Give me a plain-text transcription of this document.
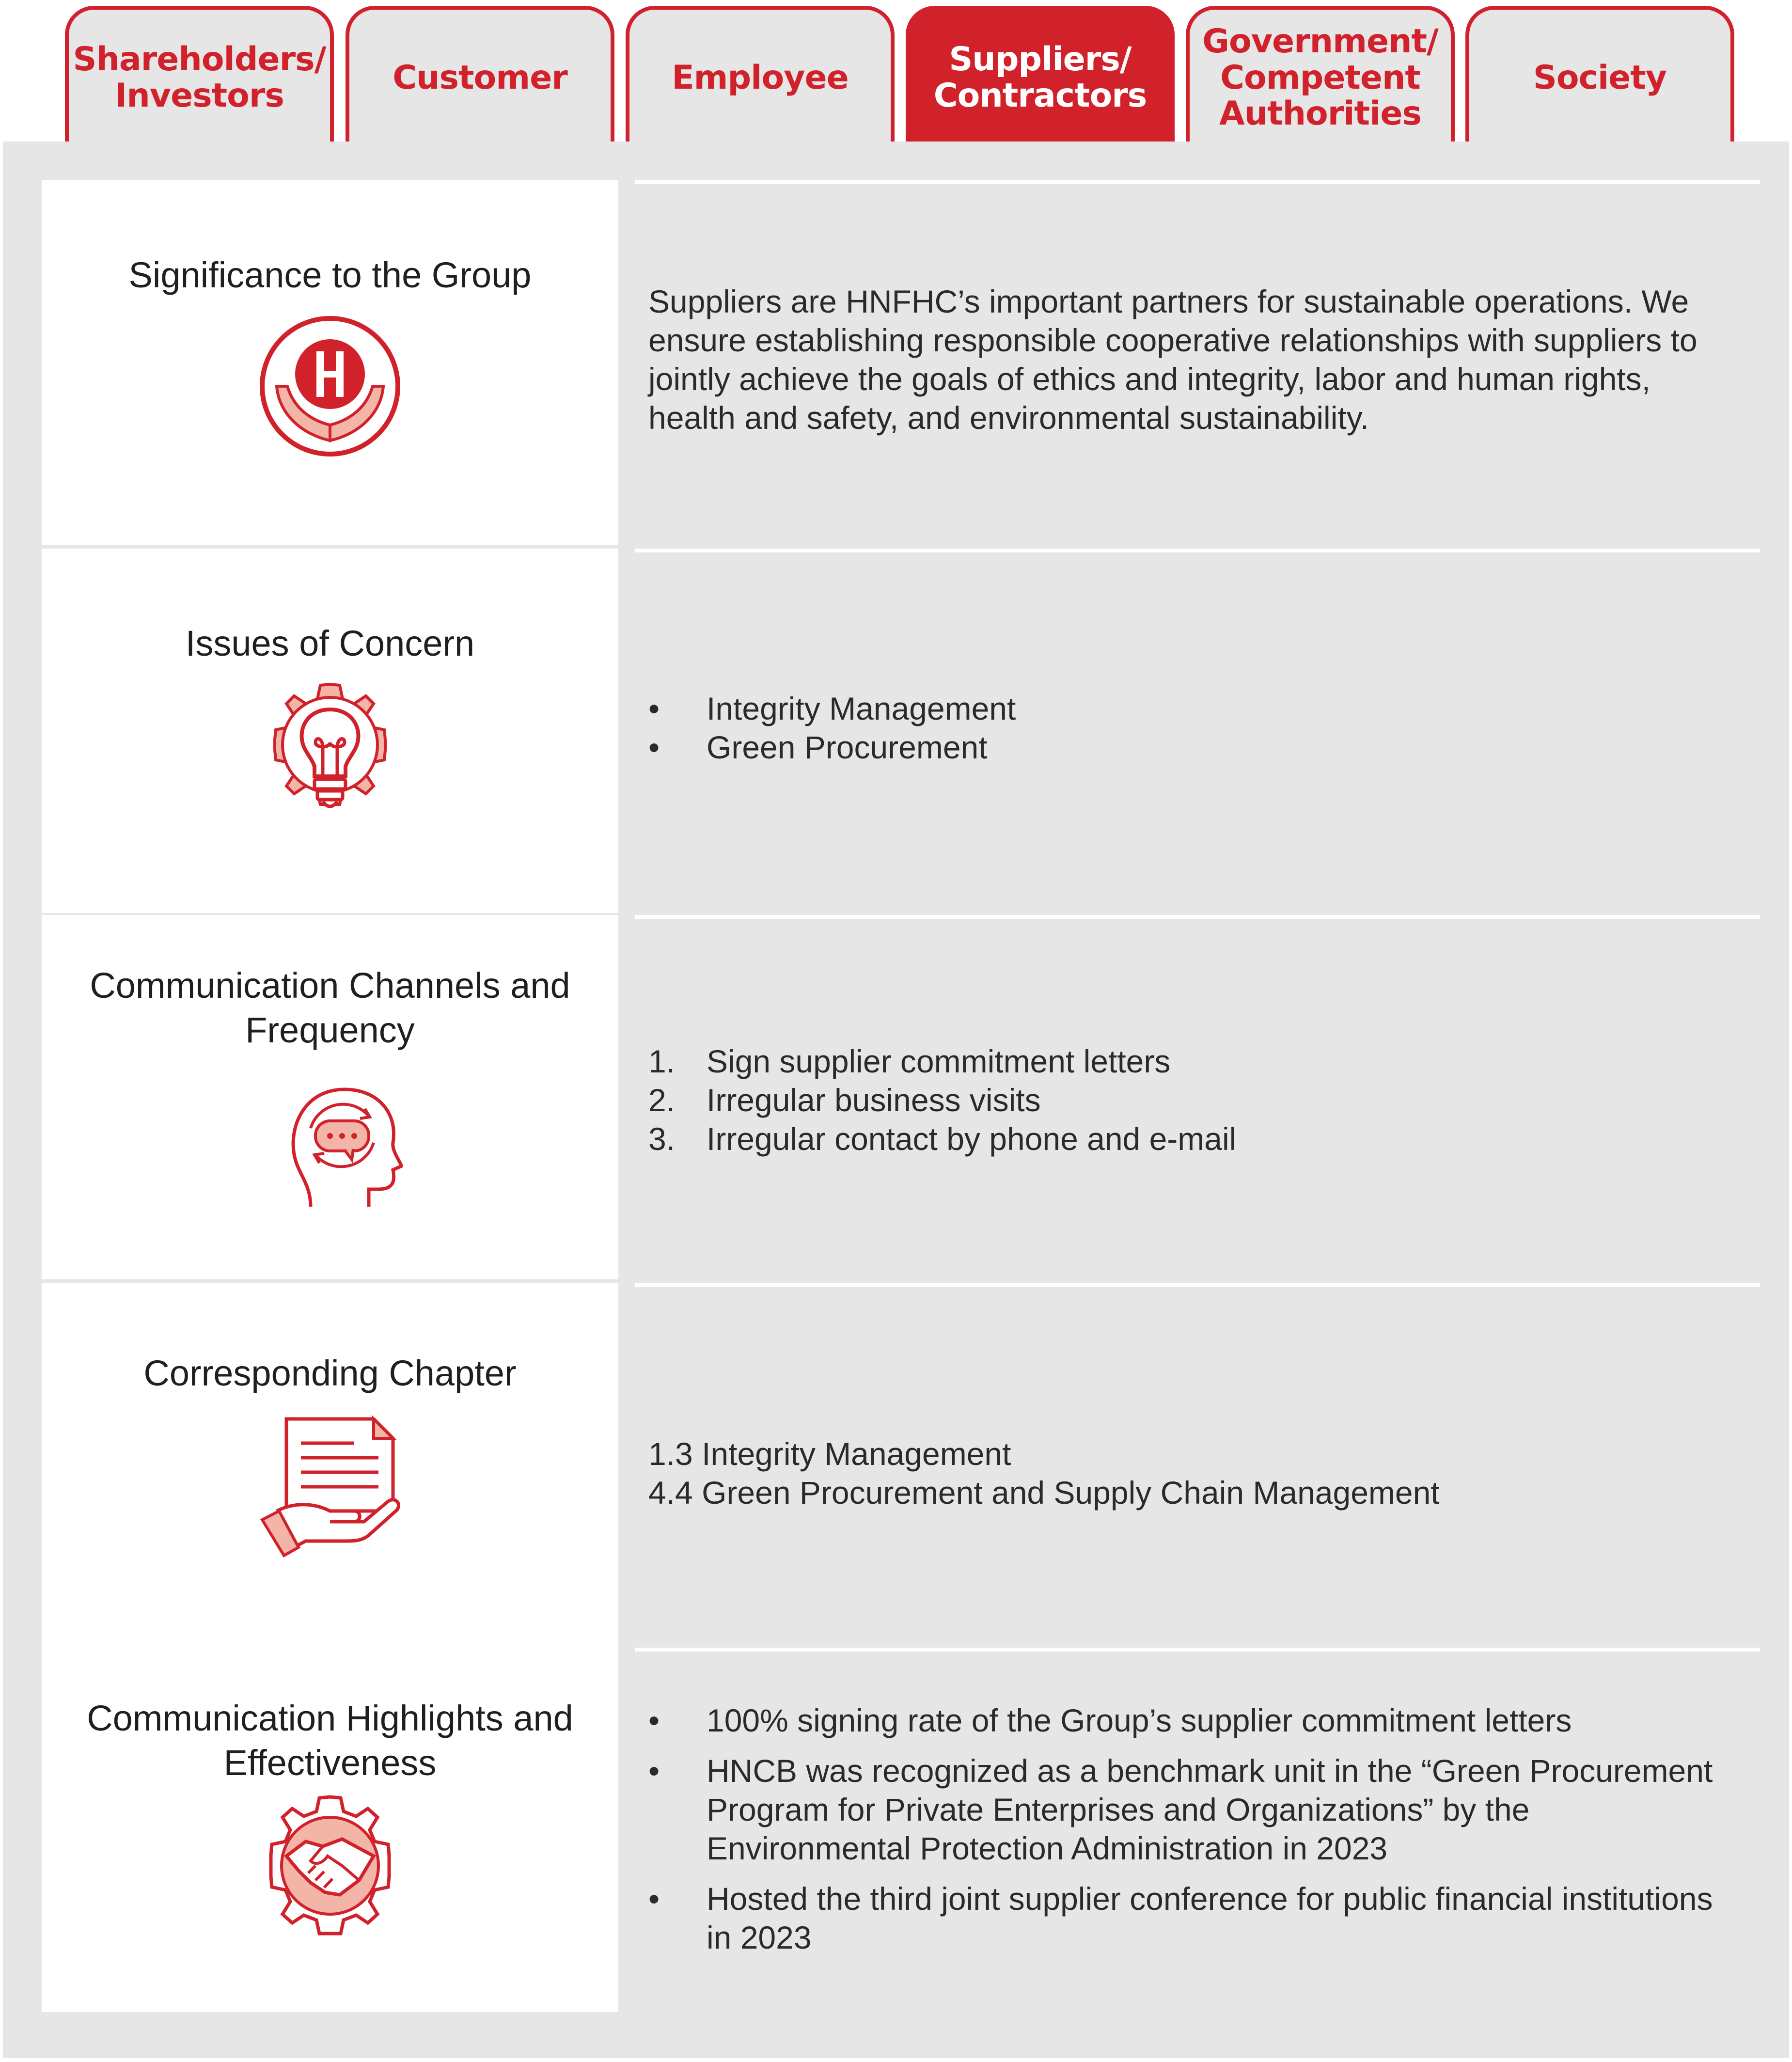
Shareholders/
Investors	Customer	Employee	Suppliers/
Contractors
Government/
Competent
Authorities
Society
Significance to the Group
Suppliers are HNFHC’s important partners for sustainable operations. We ensure establishing responsible cooperative relationships with suppliers to jointly achieve the goals of ethics and integrity, labor and human rights, health and safety, and environmental sustainability.
Issues of Concern
•	Integrity Management
•	Green Procurement
Communication Channels and
Frequency
1. Sign supplier commitment letters
2. Irregular business visits
3. Irregular contact by phone and e-mail
Corresponding Chapter

1.3 Integrity Management

4.4 Green Procurement and Supply Chain Management

Communication Highlights and
Effectiveness
•	100% signing rate of the Group’s supplier commitment letters
•	HNCB was recognized as a benchmark unit in the “Green Procurement Program for Private Enterprises and Organizations” by the Environmental Protection Administration in 2023
•	Hosted the third joint supplier conference for public financial institutions in 2023
